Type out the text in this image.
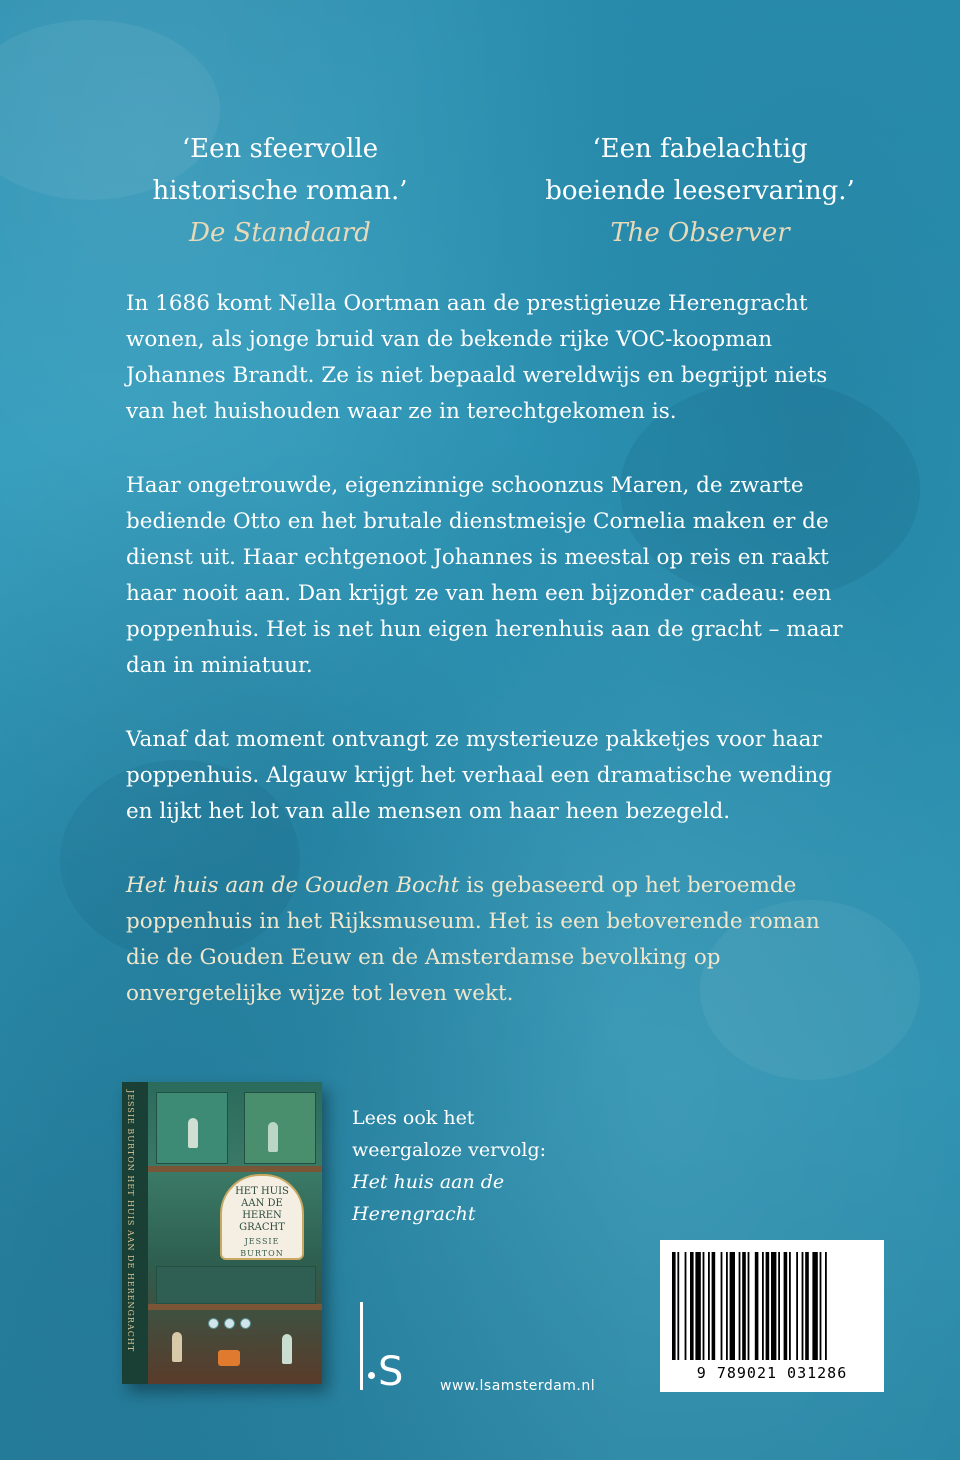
‘Een sfeervolle
historische roman.’
De Standaard
‘Een fabelachtig
boeiende leeservaring.’
The Observer

In 1686 komt Nella Oortman aan de prestigieuze Herengracht wonen, als jonge bruid van de bekende rijke VOC-koopman Johannes Brandt. Ze is niet bepaald wereldwijs en begrijpt niets van het huishouden waar ze in terechtgekomen is.

Haar ongetrouwde, eigenzinnige schoonzus Maren, de zwarte bediende Otto en het brutale dienstmeisje Cornelia maken er de dienst uit. Haar echtgenoot Johannes is meestal op reis en raakt haar nooit aan. Dan krijgt ze van hem een bijzonder cadeau: een poppenhuis. Het is net hun eigen herenhuis aan de gracht – maar dan in miniatuur.

Vanaf dat moment ontvangt ze mysterieuze pakketjes voor haar poppenhuis. Algauw krijgt het verhaal een dramatische wending en lijkt het lot van alle mensen om haar heen bezegeld.

Het huis aan de Gouden Bocht is gebaseerd op het beroemde poppenhuis in het Rijksmuseum. Het is een betoverende roman die de Gouden Eeuw en de Amsterdamse bevolking op onvergetelijke wijze tot leven wekt.

JESSIE BURTON HET HUIS AAN DE HERENGRACHT	HET HUIS AAN DE HEREN GRACHT
JESSIE BURTON
Lees ook het
weergaloze vervolg:
Het huis aan de
Herengracht
S	www.lsamsterdam.nl
9 789021 031286
